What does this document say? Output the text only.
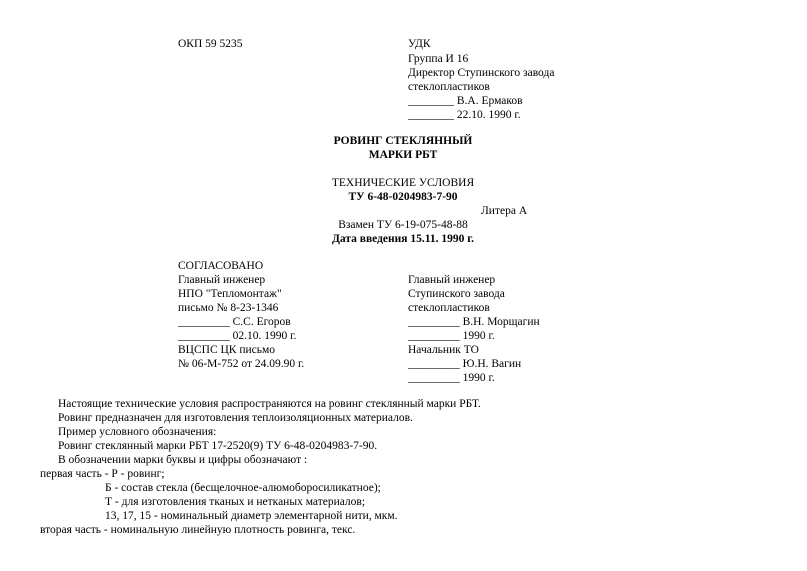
ОКП 59 5235	УДК
Группа И 16
Директор Ступинского завода
стеклопластиков
________ В.А. Ермаков
________ 22.10. 1990 г.
РОВИНГ СТЕКЛЯННЫЙ
МАРКИ РБТ
ТЕХНИЧЕСКИЕ УСЛОВИЯ
ТУ 6-48-0204983-7-90
Литера А
Взамен ТУ 6-19-075-48-88
Дата введения 15.11. 1990 г.
СОГЛАСОВАНО
Главный инженер
НПО "Тепломонтаж"
письмо № 8-23-1346
_________ С.С. Егоров
_________ 02.10. 1990 г.
ВЦСПС ЦК письмо
№ 06-М-752 от 24.09.90 г.
Главный инженер
Ступинского завода
стеклопластиков
_________ В.Н. Морщагин
_________ 1990 г.
Начальник ТО
_________ Ю.Н. Вагин
_________ 1990 г.
Настоящие технические условия распространяются на ровинг стеклянный марки РБТ.
Ровинг предназначен для изготовления теплоизоляционных материалов.
Пример условного обозначения:
Ровинг стеклянный марки РБТ 17-2520(9) ТУ 6-48-0204983-7-90.
В обозначении марки буквы и цифры обозначают :
первая часть - Р - ровинг;
Б - состав стекла (бесщелочное-алюмоборосиликатное);
Т - для изготовления тканых и нетканых материалов;
13, 17, 15 - номинальный диаметр элементарной нити, мкм.
вторая часть - номинальную линейную плотность ровинга, текс.
